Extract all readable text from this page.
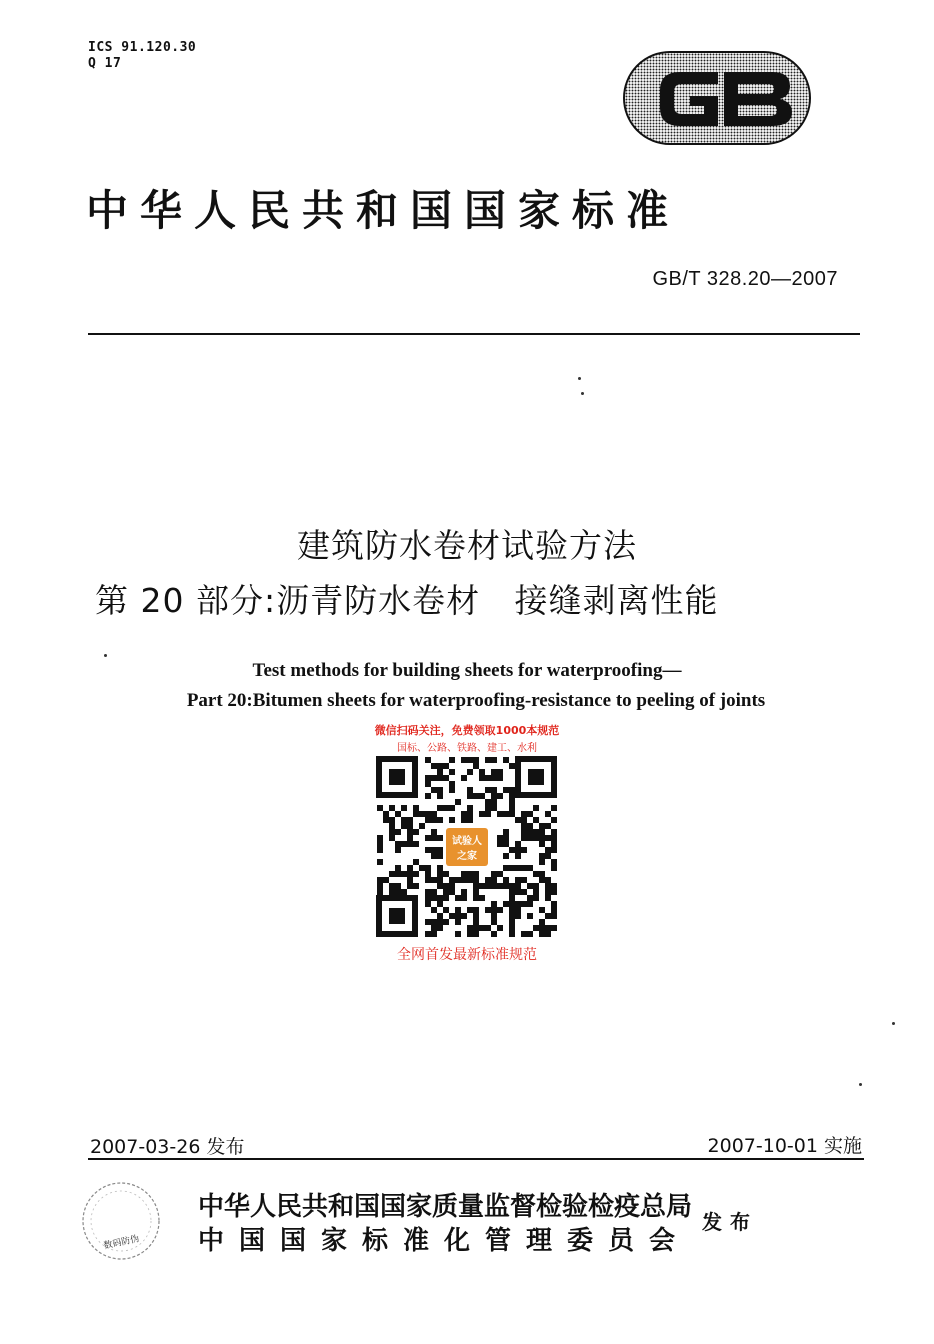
ICS 91.120.30
Q 17
中华人民共和国国家标准
GB/T 328.20—2007
建筑防水卷材试验方法
第 20 部分:沥青防水卷材   接缝剥离性能
Test methods for building sheets for waterproofing—
Part 20:Bitumen sheets for waterproofing-resistance to peeling of joints
微信扫码关注，免费领取1000本规范
国标、公路、铁路、建工、水利
试验人
之家
全网首发最新标准规范
2007-03-26 发布	2007-10-01 实施
数码防伪
中华人民共和国国家质量监督检验检疫总局
中国国家标准化管理委员会
发布
